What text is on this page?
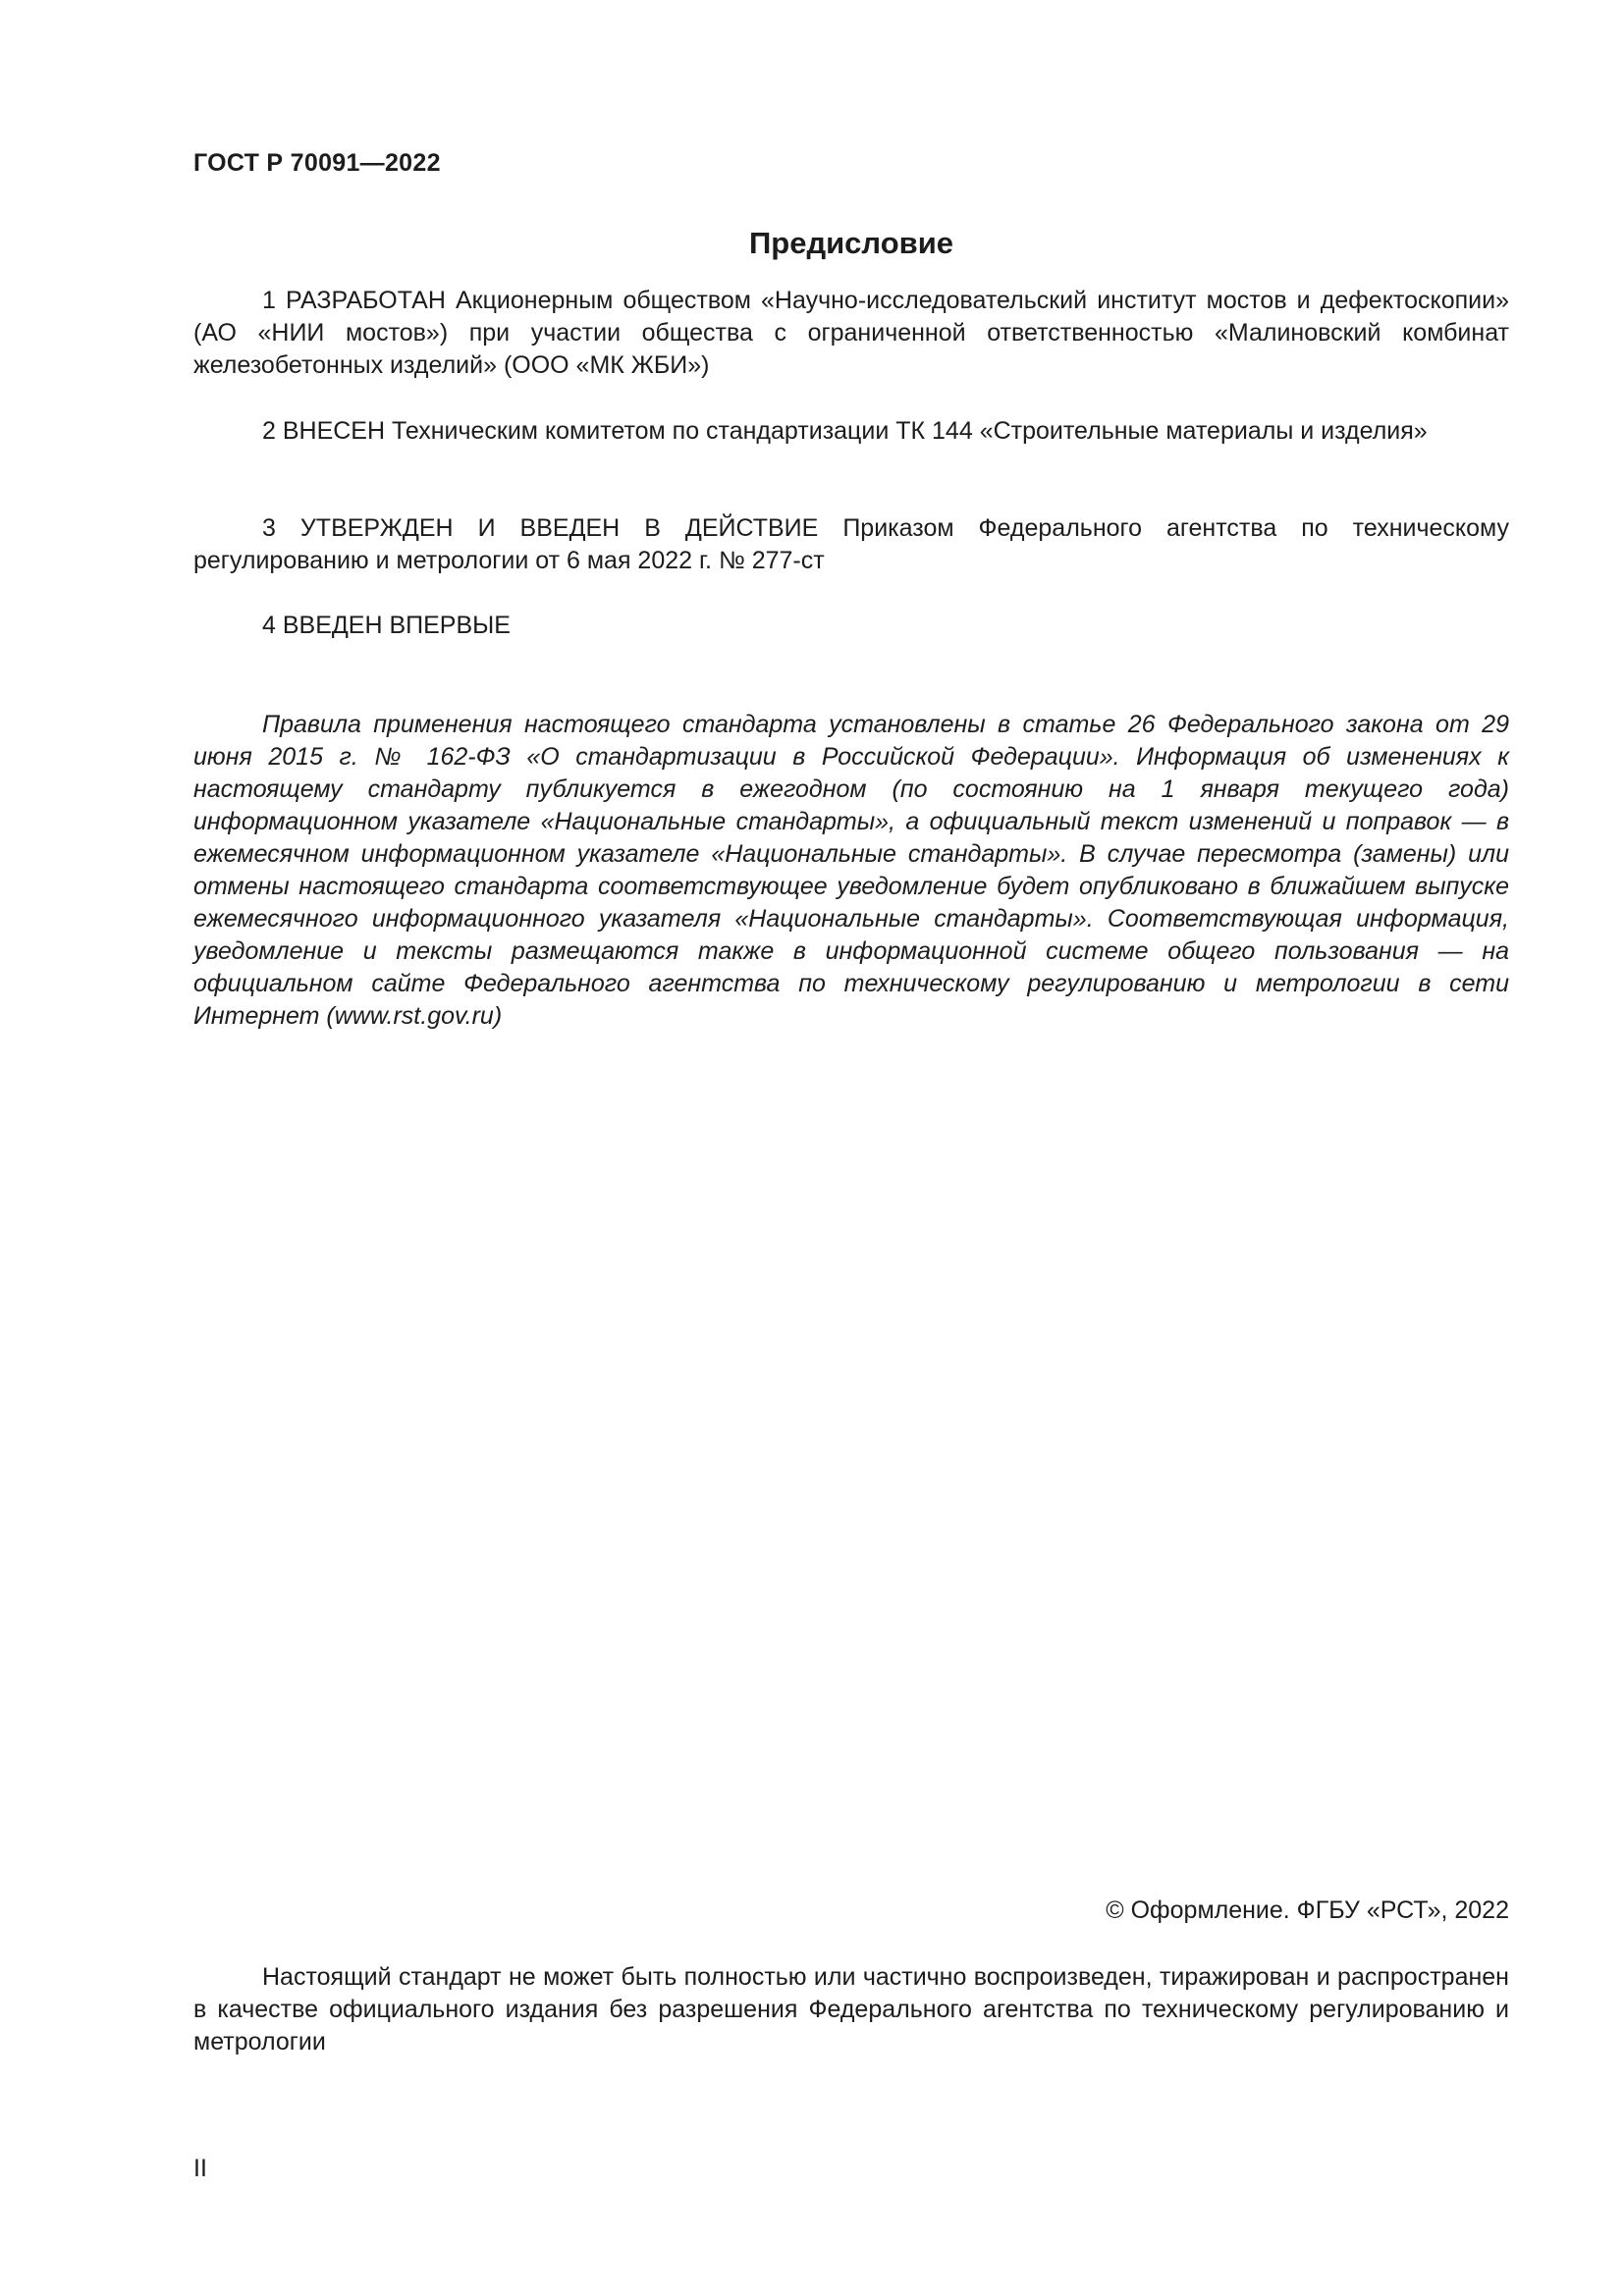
ГОСТ Р 70091—2022

Предисловие

1 РАЗРАБОТАН Акционерным обществом «Научно-исследовательский институт мостов и дефектоскопии» (АО «НИИ мостов») при участии общества с ограниченной ответственностью «Малиновский комбинат железобетонных изделий» (ООО «МК ЖБИ»)

2 ВНЕСЕН Техническим комитетом по стандартизации ТК 144 «Строительные материалы и изделия»

3 УТВЕРЖДЕН И ВВЕДЕН В ДЕЙСТВИЕ Приказом Федерального агентства по техническому регулированию и метрологии от 6 мая 2022 г. № 277-ст

4 ВВЕДЕН ВПЕРВЫЕ

Правила применения настоящего стандарта установлены в статье 26 Федерального закона от 29 июня 2015 г. № 162-ФЗ «О стандартизации в Российской Федерации». Информация об изменениях к настоящему стандарту публикуется в ежегодном (по состоянию на 1 января текущего года) информационном указателе «Национальные стандарты», а официальный текст изменений и поправок — в ежемесячном информационном указателе «Национальные стандарты». В случае пересмотра (замены) или отмены настоящего стандарта соответствующее уведомление будет опубликовано в ближайшем выпуске ежемесячного информационного указателя «Национальные стандарты». Соответствующая информация, уведомление и тексты размещаются также в информационной системе общего пользования — на официальном сайте Федерального агентства по техническому регулированию и метрологии в сети Интернет (www.rst.gov.ru)

© Оформление. ФГБУ «РСТ», 2022

Настоящий стандарт не может быть полностью или частично воспроизведен, тиражирован и распространен в качестве официального издания без разрешения Федерального агентства по техническому регулированию и метрологии

II
